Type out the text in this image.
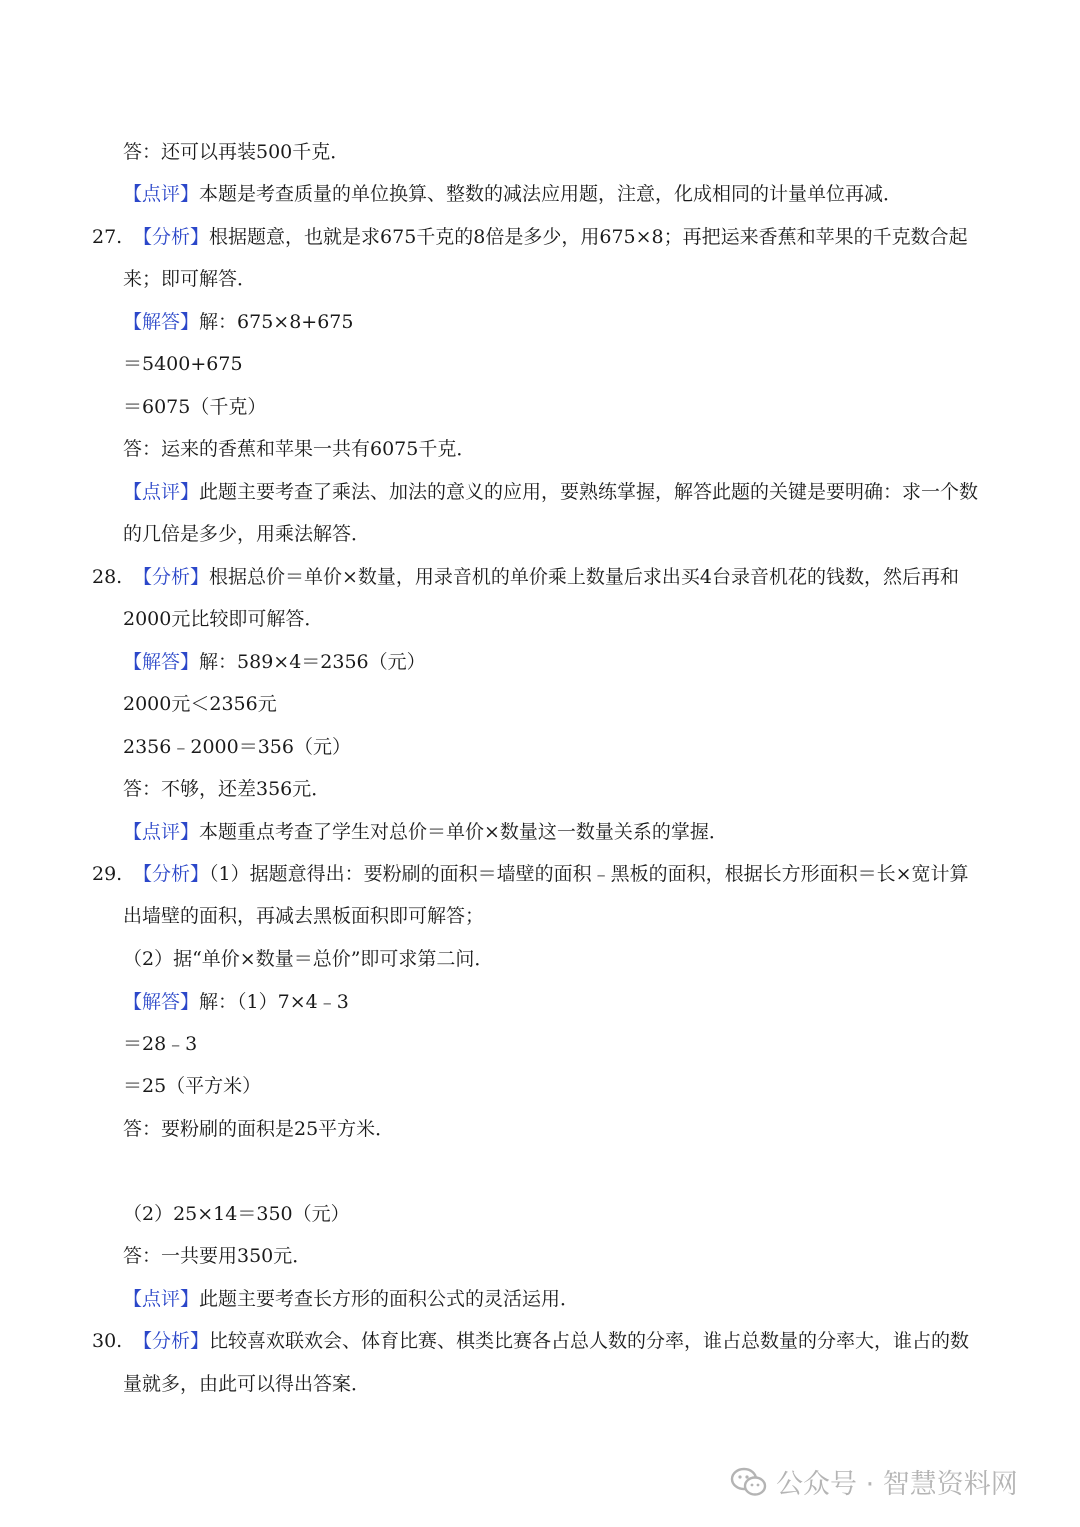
答：还可以再装500千克．
【点评】本题是考查质量的单位换算、整数的减法应用题，注意，化成相同的计量单位再减．
27. 【分析】根据题意，也就是求675千克的8倍是多少，用675×8；再把运来香蕉和苹果的千克数合起
来；即可解答．
【解答】解：675×8+675
＝5400+675
＝6075（千克）
答：运来的香蕉和苹果一共有6075千克．
【点评】此题主要考查了乘法、加法的意义的应用，要熟练掌握，解答此题的关键是要明确：求一个数
的几倍是多少，用乘法解答．
28. 【分析】根据总价＝单价×数量，用录音机的单价乘上数量后求出买4台录音机花的钱数，然后再和
2000元比较即可解答．
【解答】解：589×4＝2356（元）
2000元＜2356元
2356﹣2000＝356（元）
答：不够，还差356元．
【点评】本题重点考查了学生对总价＝单价×数量这一数量关系的掌握．
29. 【分析】（1）据题意得出：要粉刷的面积＝墙壁的面积﹣黑板的面积，根据长方形面积＝长×宽计算
出墙壁的面积，再减去黑板面积即可解答；
（2）据“单价×数量＝总价”即可求第二问．
【解答】解：（1）7×4﹣3
＝28﹣3
＝25（平方米）
答：要粉刷的面积是25平方米．
（2）25×14＝350（元）
答：一共要用350元．
【点评】此题主要考查长方形的面积公式的灵活运用．
30. 【分析】比较喜欢联欢会、体育比赛、棋类比赛各占总人数的分率，谁占总数量的分率大，谁占的数
量就多，由此可以得出答案．
公众号 · 智慧资料网
